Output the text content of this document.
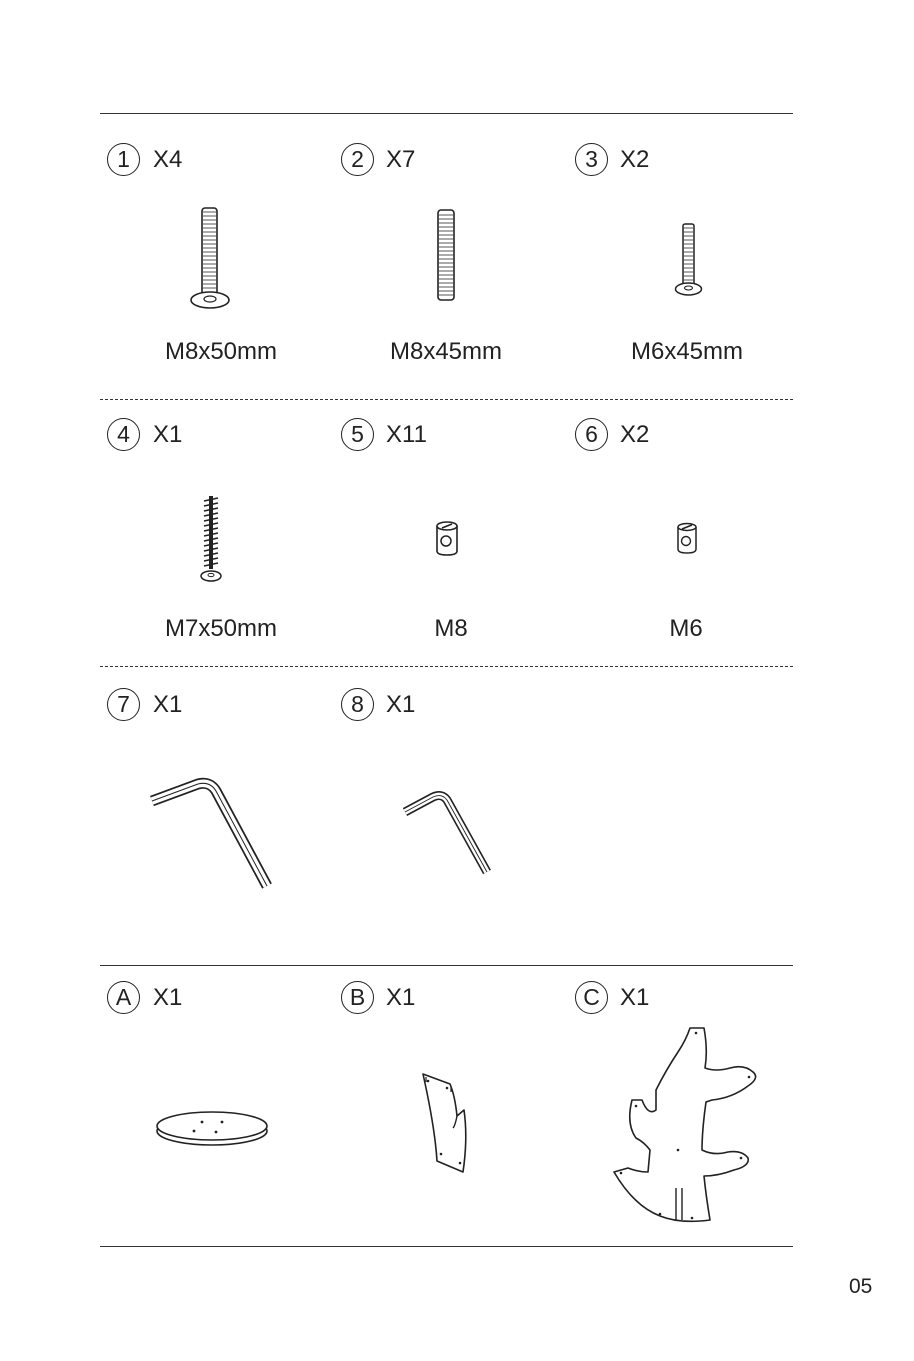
1 X4
M8x50mm
2 X7
M8x45mm
3 X2
M6x45mm
4 X1
M7x50mm
5 X11
M8
6 X2
M6
7 X1	8 X1
A X1	B X1	C X1
05
